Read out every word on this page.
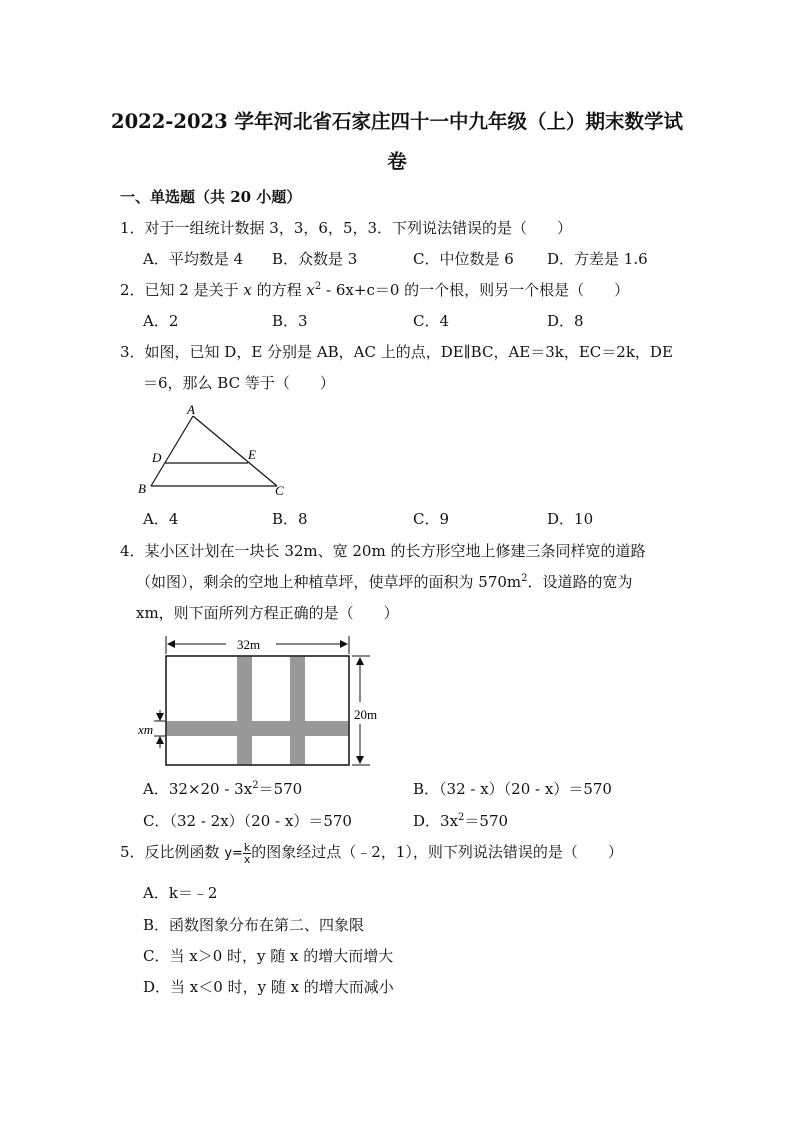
2022-2023 学年河北省石家庄四十一中九年级（上）期末数学试
卷
一、单选题（共 20 小题）
1．对于一组统计数据 3，3，6，5，3．下列说法错误的是（　　）
A．平均数是 4 B．众数是 3	C．中位数是 6 D．方差是 1.6
2．已知 2 是关于 x 的方程 $x^2 - 6x+c=0$ 的一个根，则另一个根是（　　）
A．2	B．3	C．4	D．8
3．如图，已知 D，E 分别是 AB，AC 上的点，DE∥BC，AE＝3k，EC＝2k，DE
＝6，那么 BC 等于（　　）
A
D	E
B	C
A．4	B．8	C．9	D．10
4．某小区计划在一块长 32m、宽 20m 的长方形空地上修建三条同样宽的道路
（如图），剩余的空地上种植草坪，使草坪的面积为 $570m^2$．设道路的宽为
xm，则下面所列方程正确的是（　　）
32m
20m
xm
A．$32\times 20 - 3x^2=570$	B．（32 - x）（20 - x）＝570
C．（32 - 2x）（20 - x）＝570	D．$3x^2=570$
5．反比例函数 $y= \frac{k}{x}$ 的图象经过点（﹣2，1），则下列说法错误的是（　　）
A．k＝﹣2
B．函数图象分布在第二、四象限
C．当 x＞0 时，y 随 x 的增大而增大
D．当 x＜0 时，y 随 x 的增大而减小
